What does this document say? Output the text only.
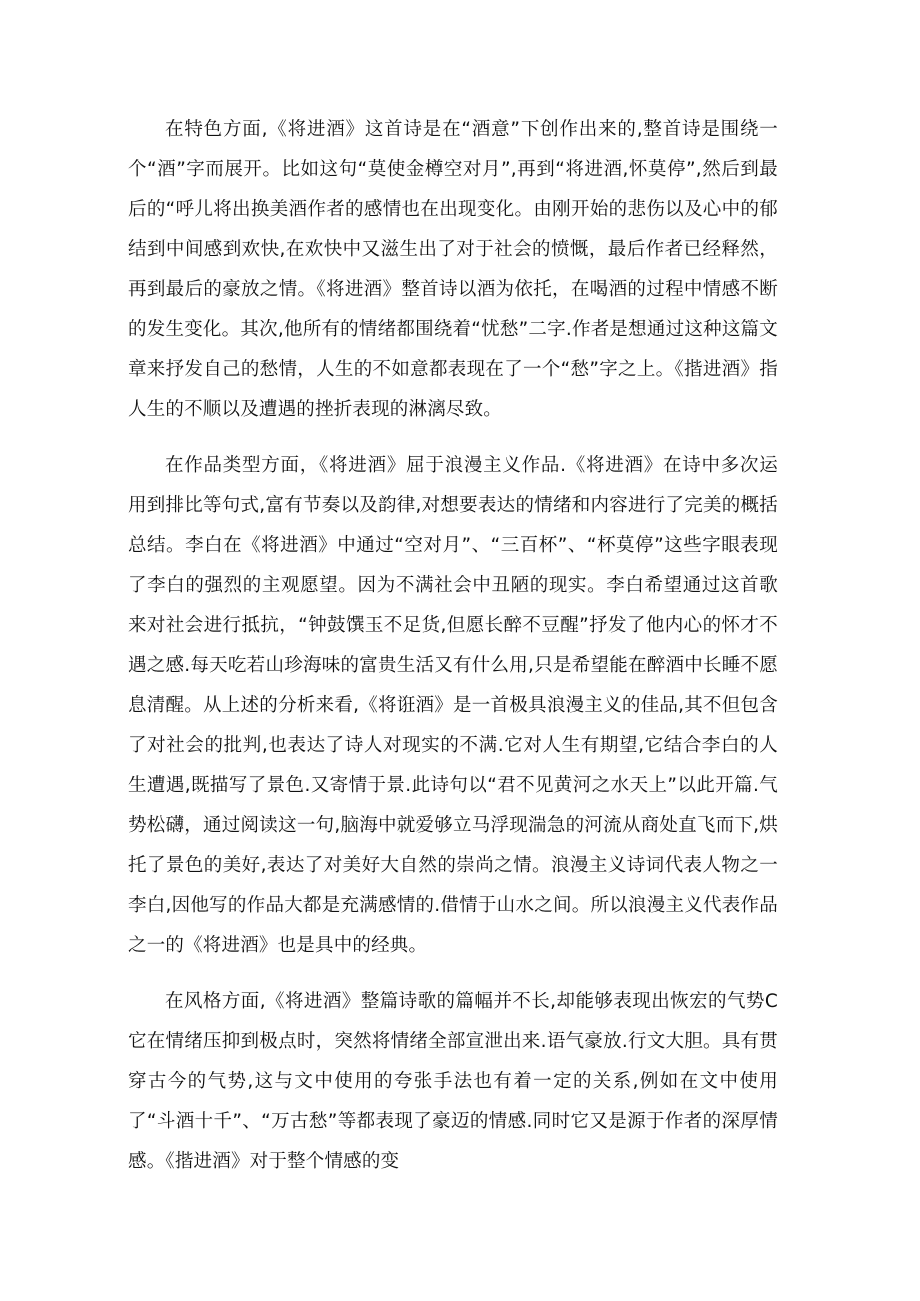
在特色方面,《将进酒》这首诗是在“酒意”下创作出来的,整首诗是围绕一个“酒”字而展开。比如这句“莫使金樽空对月”,再到“将进酒,怀莫停”,然后到最后的“呼儿将出换美酒作者的感情也在出现变化。由刚开始的悲伤以及心中的郁结到中间感到欢快,在欢快中又滋生出了对于社会的愤慨，最后作者已经释然，再到最后的豪放之情。《将进酒》整首诗以酒为依托，在喝酒的过程中情感不断的发生变化。其次,他所有的情绪都围绕着“忧愁”二字.作者是想通过这种这篇文章来抒发自己的愁情，人生的不如意都表现在了一个“愁”字之上。《揩进酒》指人生的不顺以及遭遇的挫折表现的淋漓尽致。

在作品类型方面，《将进酒》屈于浪漫主义作品.《将进酒》在诗中多次运用到排比等句式,富有节奏以及韵律,对想要表达的情绪和内容进行了完美的概括总结。李白在《将进酒》中通过“空对月”、“三百杯”、“杯莫停”这些字眼表现了李白的强烈的主观愿望。因为不满社会中丑陋的现实。李白希望通过这首歌来对社会进行抵抗，“钟鼓馔玉不足货,但愿长醉不豆醒”抒发了他内心的怀才不遇之感.每天吃若山珍海味的富贵生活又有什么用,只是希望能在醉酒中长睡不愿息清醒。从上述的分析来看,《将诳酒》是一首极具浪漫主义的佳品,其不但包含了对社会的批判,也表达了诗人对现实的不满.它对人生有期望,它结合李白的人生遭遇,既描写了景色.又寄情于景.此诗句以“君不见黄河之水天上”以此开篇.气势松礴，通过阅读这一句,脑海中就爱够立马浮现湍急的河流从商处直飞而下,烘托了景色的美好,表达了对美好大自然的崇尚之情。浪漫主义诗词代表人物之一李白,因他写的作品大都是充满感情的.借情于山水之间。所以浪漫主义代表作品之一的《将进酒》也是具中的经典。

在风格方面,《将进酒》整篇诗歌的篇幅并不长,却能够表现出恢宏的气势C它在情绪压抑到极点时，突然将情绪全部宣泄出来.语气豪放.行文大胆。具有贯穿古今的气势,这与文中使用的夸张手法也有着一定的关系,例如在文中使用了“斗酒十千”、“万古愁”等都表现了豪迈的情感.同时它又是源于作者的深厚情感。《揩进酒》对于整个情感的变
